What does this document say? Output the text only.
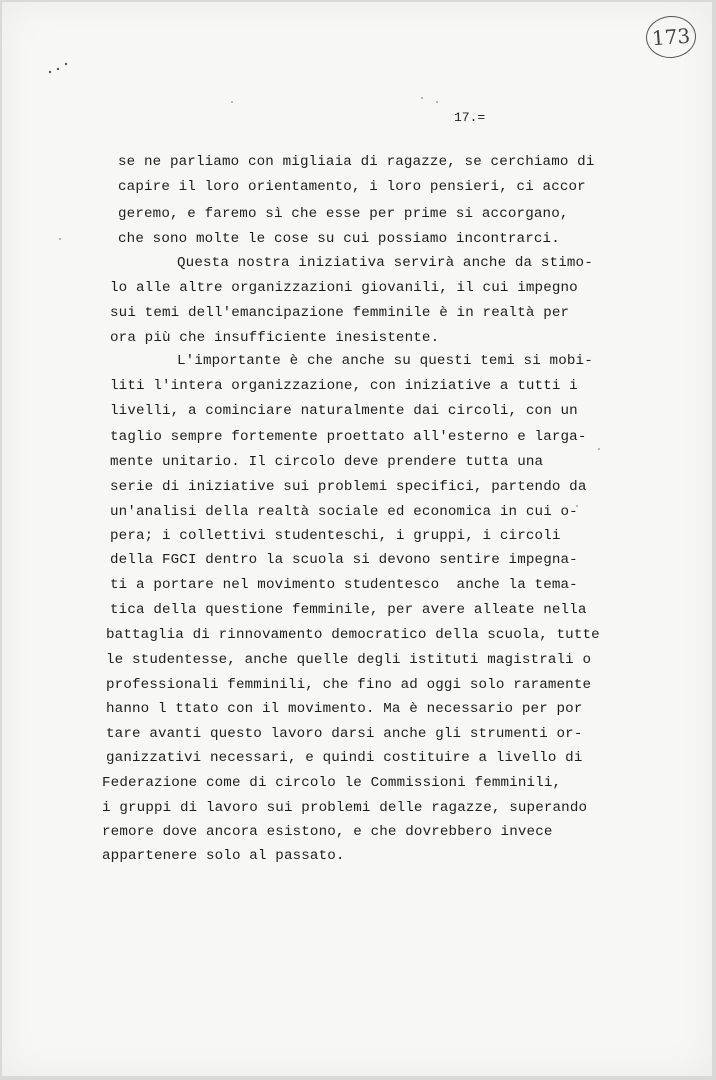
173
17.=
se ne parliamo con migliaia di ragazze, se cerchiamo di
capire il loro orientamento, i loro pensieri, ci accor
geremo, e faremo sì che esse per prime si accorgano,
che sono molte le cose su cui possiamo incontrarci.
Questa nostra iniziativa servirà anche da stimo-
lo alle altre organizzazioni giovanili, il cui impegno
sui temi dell'emancipazione femminile è in realtà per
ora più che insufficiente inesistente.
L'importante è che anche su questi temi si mobi-
liti l'intera organizzazione, con iniziative a tutti i
livelli, a cominciare naturalmente dai circoli, con un
taglio sempre fortemente proettato all'esterno e larga-
mente unitario. Il circolo deve prendere tutta una
serie di iniziative sui problemi specifici, partendo da
un'analisi della realtà sociale ed economica in cui o-
pera; i collettivi studenteschi, i gruppi, i circoli
della FGCI dentro la scuola si devono sentire impegna-
ti a portare nel movimento studentesco  anche la tema-
tica della questione femminile, per avere alleate nella
battaglia di rinnovamento democratico della scuola, tutte
le studentesse, anche quelle degli istituti magistrali o
professionali femminili, che fino ad oggi solo raramente
hanno l ttato con il movimento. Ma è necessario per por
tare avanti questo lavoro darsi anche gli strumenti or-
ganizzativi necessari, e quindi costituire a livello di
Federazione come di circolo le Commissioni femminili,
i gruppi di lavoro sui problemi delle ragazze, superando
remore dove ancora esistono, e che dovrebbero invece
appartenere solo al passato.
